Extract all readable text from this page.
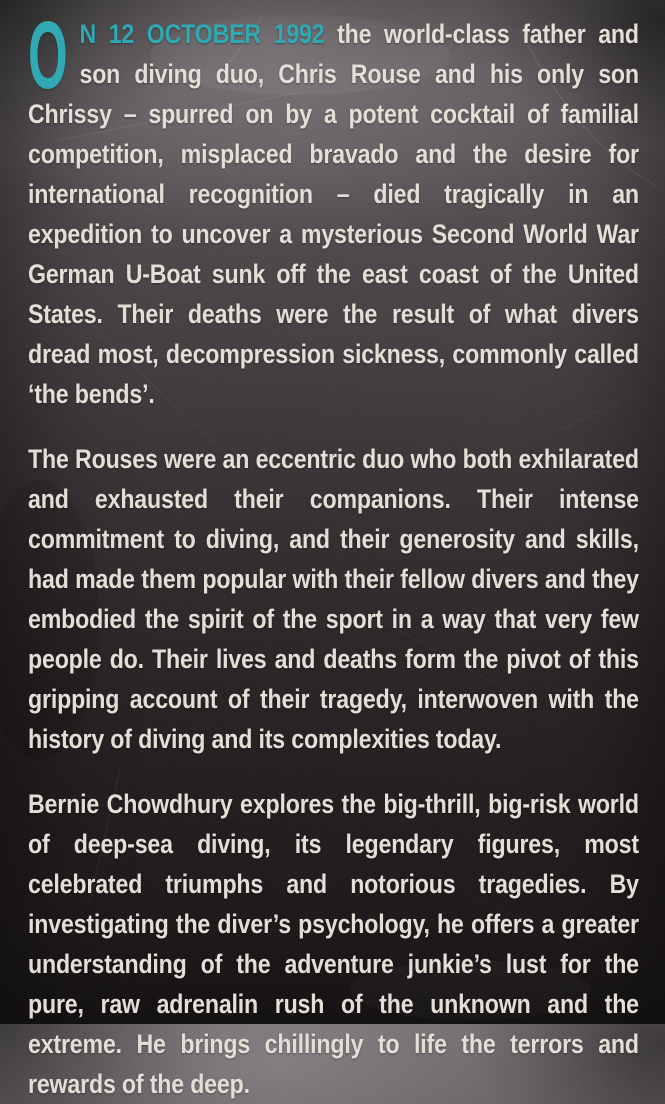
O N 12 OCTOBER 1992 the world-class father and son diving duo, Chris Rouse and his only son Chrissy – spurred on by a potent cocktail of familial competition, misplaced bravado and the desire for international recognition – died tragically in an expedition to uncover a mysterious Second World War German U-Boat sunk off the east coast of the United States. Their deaths were the result of what divers dread most, decompression sickness, commonly called ‘the bends’.

The Rouses were an eccentric duo who both exhilarated and exhausted their companions. Their intense commitment to diving, and their generosity and skills, had made them popular with their fellow divers and they embodied the spirit of the sport in a way that very few people do. Their lives and deaths form the pivot of this gripping account of their tragedy, interwoven with the history of diving and its complexities today.

Bernie Chowdhury explores the big-thrill, big-risk world of deep-sea diving, its legendary figures, most celebrated triumphs and notorious tragedies. By investigating the diver’s psychology, he offers a greater understanding of the adventure junkie’s lust for the pure, raw adrenalin rush of the unknown and the extreme. He brings chillingly to life the terrors and rewards of the deep.
